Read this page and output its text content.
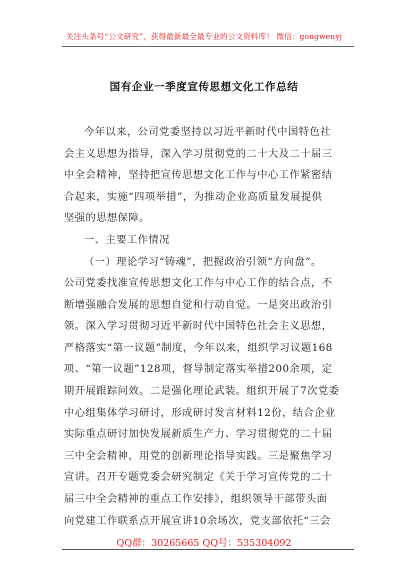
关注头条号“公文研究”，获得最新最全最专业的公文资料库！ 微信：gongwenyj
国有企业一季度宣传思想文化工作总结
今年以来，公司党委坚持以习近平新时代中国特色社
会主义思想为指导，深入学习贯彻党的二十大及二十届三
中全会精神，坚持把宣传思想文化工作与中心工作紧密结
合起来，实施“四项举措”，为推动企业高质量发展提供
坚强的思想保障。
一、主要工作情况
（一）理论学习“铸魂”，把握政治引领“方向盘”。
公司党委找准宣传思想文化工作与中心工作的结合点，不
断增强融合发展的思想自觉和行动自觉。一是突出政治引
领。深入学习贯彻习近平新时代中国特色社会主义思想，
严格落实“第一议题”制度，今年以来，组织学习议题168
项、“第一议题”128项，督导制定落实举措200余项，定
期开展跟踪问效。二是强化理论武装。组织开展了7次党委
中心组集体学习研讨，形成研讨发言材料12份，结合企业
实际重点研讨加快发展新质生产力、学习贯彻党的二十届
三中全会精神，用党的创新理论指导实践。三是聚焦学习
宣讲。召开专题党委会研究制定《关于学习宣传党的二十
届三中全会精神的重点工作安排》，组织领导干部带头面
向党建工作联系点开展宣讲10余场次，党支部依托“三会
QQ群：30265665 QQ号：535304092
